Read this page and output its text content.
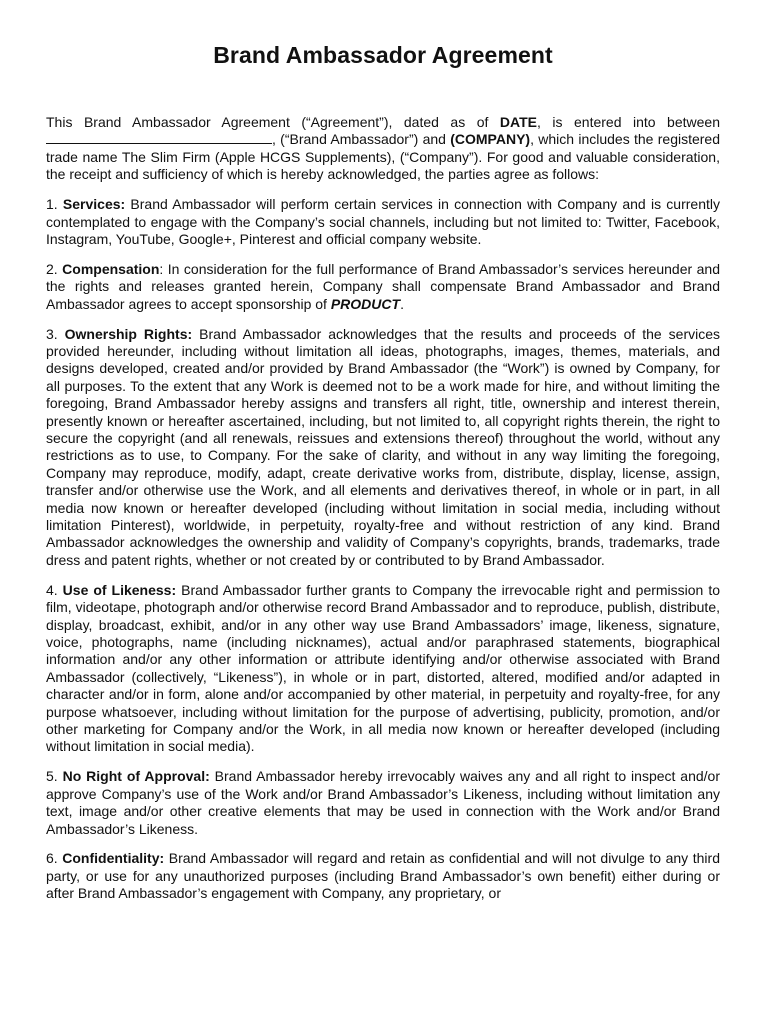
Brand Ambassador Agreement

This Brand Ambassador Agreement (“Agreement”), dated as of DATE, is entered into between , (“Brand Ambassador”) and (COMPANY), which includes the registered trade name The Slim Firm (Apple HCGS Supplements), (“Company”). For good and valuable consideration, the receipt and sufficiency of which is hereby acknowledged, the parties agree as follows:

1. Services: Brand Ambassador will perform certain services in connection with Company and is currently contemplated to engage with the Company’s social channels, including but not limited to: Twitter, Facebook, Instagram, YouTube, Google+, Pinterest and official company website.

2. Compensation: In consideration for the full performance of Brand Ambassador’s services hereunder and the rights and releases granted herein, Company shall compensate Brand Ambassador and Brand Ambassador agrees to accept sponsorship of PRODUCT.

3. Ownership Rights: Brand Ambassador acknowledges that the results and proceeds of the services provided hereunder, including without limitation all ideas, photographs, images, themes, materials, and designs developed, created and/or provided by Brand Ambassador (the “Work”) is owned by Company, for all purposes. To the extent that any Work is deemed not to be a work made for hire, and without limiting the foregoing, Brand Ambassador hereby assigns and transfers all right, title, ownership and interest therein, presently known or hereafter ascertained, including, but not limited to, all copyright rights therein, the right to secure the copyright (and all renewals, reissues and extensions thereof) throughout the world, without any restrictions as to use, to Company. For the sake of clarity, and without in any way limiting the foregoing, Company may reproduce, modify, adapt, create derivative works from, distribute, display, license, assign, transfer and/or otherwise use the Work, and all elements and derivatives thereof, in whole or in part, in all media now known or hereafter developed (including without limitation in social media, including without limitation Pinterest), worldwide, in perpetuity, royalty-free and without restriction of any kind. Brand Ambassador acknowledges the ownership and validity of Company’s copyrights, brands, trademarks, trade dress and patent rights, whether or not created by or contributed to by Brand Ambassador.

4. Use of Likeness: Brand Ambassador further grants to Company the irrevocable right and permission to film, videotape, photograph and/or otherwise record Brand Ambassador and to reproduce, publish, distribute, display, broadcast, exhibit, and/or in any other way use Brand Ambassadors’ image, likeness, signature, voice, photographs, name (including nicknames), actual and/or paraphrased statements, biographical information and/or any other information or attribute identifying and/or otherwise associated with Brand Ambassador (collectively, “Likeness”), in whole or in part, distorted, altered, modified and/or adapted in character and/or in form, alone and/or accompanied by other material, in perpetuity and royalty-free, for any purpose whatsoever, including without limitation for the purpose of advertising, publicity, promotion, and/or other marketing for Company and/or the Work, in all media now known or hereafter developed (including without limitation in social media).

5. No Right of Approval: Brand Ambassador hereby irrevocably waives any and all right to inspect and/or approve Company’s use of the Work and/or Brand Ambassador’s Likeness, including without limitation any text, image and/or other creative elements that may be used in connection with the Work and/or Brand Ambassador’s Likeness.

6. Confidentiality: Brand Ambassador will regard and retain as confidential and will not divulge to any third party, or use for any unauthorized purposes (including Brand Ambassador’s own benefit) either during or after Brand Ambassador’s engagement with Company, any proprietary, or
